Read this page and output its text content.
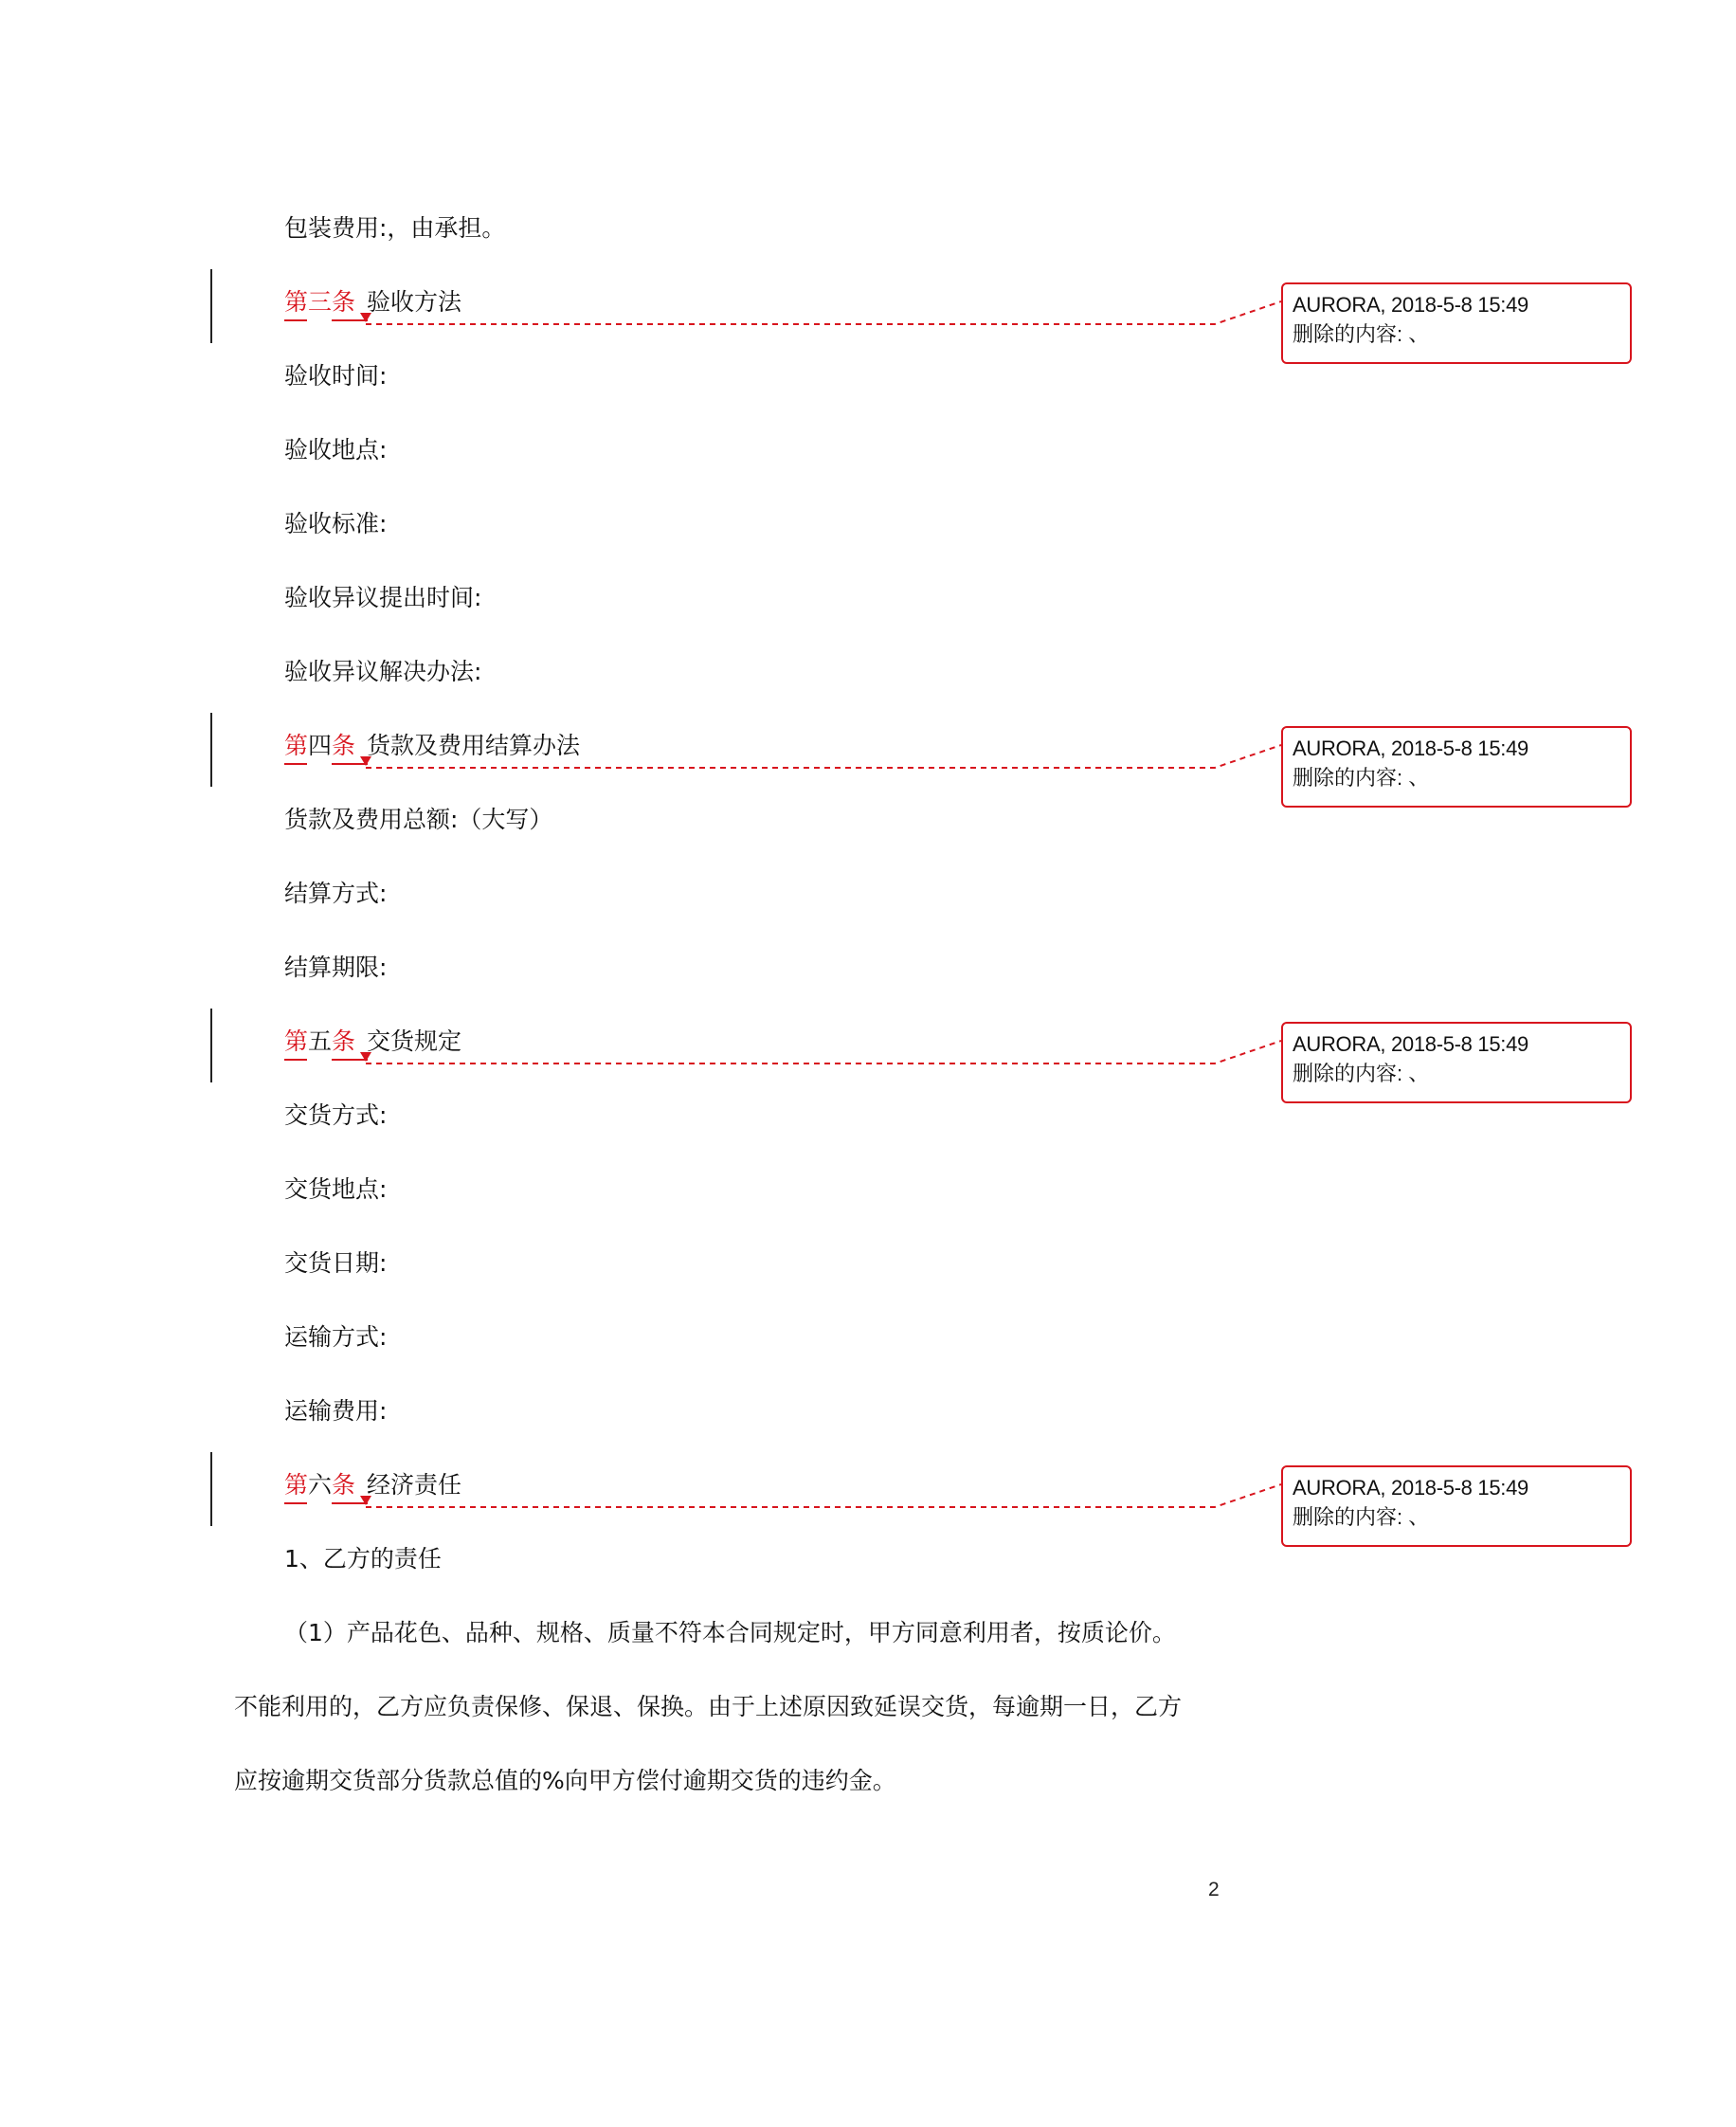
包装费用:，由承担。
第三条 验收方法
验收时间:
验收地点:
验收标准:
验收异议提出时间:
验收异议解决办法:
第四条 货款及费用结算办法
货款及费用总额:（大写）
结算方式:
结算期限:
第五条 交货规定
交货方式:
交货地点:
交货日期:
运输方式:
运输费用:
第六条 经济责任
1、乙方的责任
（1）产品花色、品种、规格、质量不符本合同规定时，甲方同意利用者，按质论价。
不能利用的，乙方应负责保修、保退、保换。由于上述原因致延误交货，每逾期一日，乙方
应按逾期交货部分货款总值的%向甲方偿付逾期交货的违约金。
AURORA, 2018-5-8 15:49
删除的内容: 、
AURORA, 2018-5-8 15:49
删除的内容: 、
AURORA, 2018-5-8 15:49
删除的内容: 、
AURORA, 2018-5-8 15:49
删除的内容: 、
2
